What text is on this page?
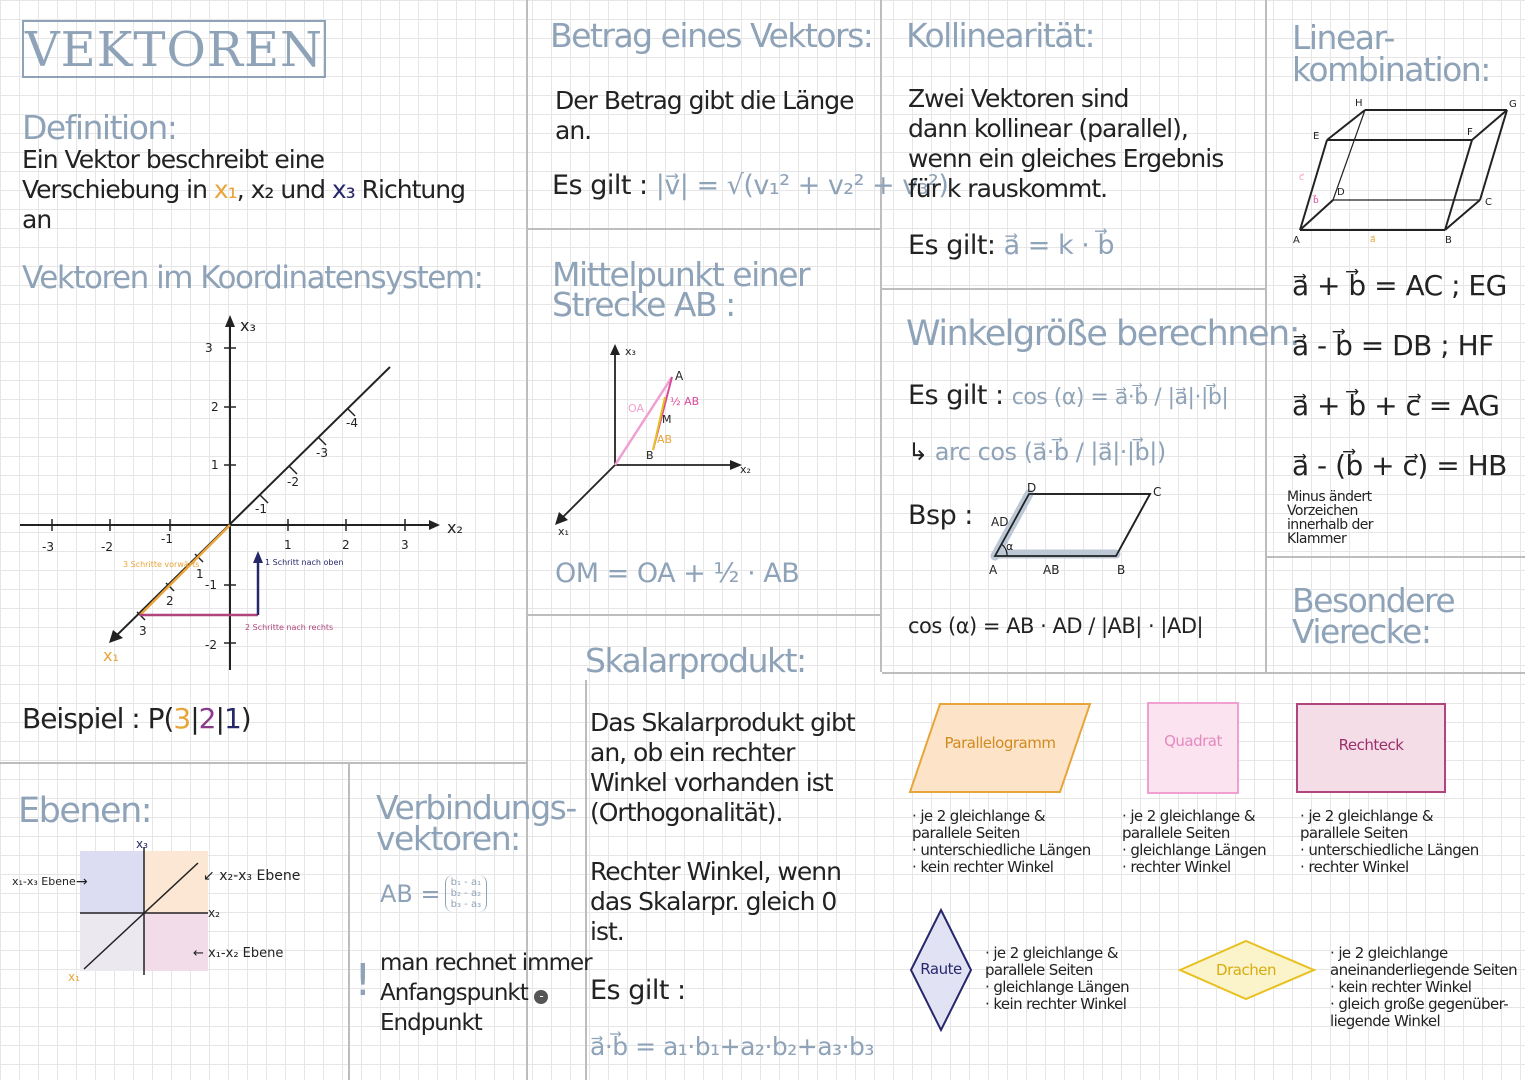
VEKTOREN
Definition:
Ein Vektor beschreibt eine
Verschiebung in x₁, x₂ und x₃ Richtung
an
Vektoren im Koordinatensystem:
x₃
x₂
x₁
-3	-2
-1	1	2	3
3
2
1
-1
-2
1
2
3
-1
-2
-3
-4
3 Schritte vorwärts	1 Schritt nach oben
2 Schritte nach rechts
Beispiel : P(3|2|1)
Ebenen:
x₃
x₂
x₁
x₁-x₃ Ebene →	↙ x₂-x₃ Ebene
← x₁-x₂ Ebene
Betrag eines Vektors:
Der Betrag gibt die Länge
an.
Es gilt : |v⃗| = √(v₁² + v₂² + v₃²)
Mittelpunkt einer
Strecke AB :
x₃
x₂
x₁
A
M
B
OA
½ AB
AB
OM = OA + ½ · AB
Skalarprodukt:
Das Skalarprodukt gibt
an, ob ein rechter
Winkel vorhanden ist
(Orthogonalität).
Rechter Winkel, wenn
das Skalarpr. gleich 0
ist.
Es gilt :
a⃗·b⃗ = a₁·b₁+a₂·b₂+a₃·b₃
Verbindungs-
vektoren:
AB = b₁ - a₁
b₂ - a₂
b₃ - a₃
! man rechnet immer
Anfangspunkt -
Endpunkt
Kollinearität:
Zwei Vektoren sind
dann kollinear (parallel),
wenn ein gleiches Ergebnis
für k rauskommt.
Es gilt: a⃗ = k · b⃗
Winkelgröße berechnen:
Es gilt : cos (α) = a⃗·b⃗ / |a⃗|·|b⃗|
↳ arc cos (a⃗·b⃗ / |a⃗|·|b⃗|)
Bsp :
α
A	B
C
D
AB
AD
cos (α) = AB · AD / |AB| · |AD|
Linear-
kombination:
A	B
C
D
E	F
G
H
a⃗
b⃗
c⃗
a⃗ + b⃗ = AC ; EG
a⃗ - b⃗ = DB ; HF
a⃗ + b⃗ + c⃗ = AG
a⃗ - (b⃗ + c⃗) = HB
Minus ändert Vorzeichen innerhalb der Klammer
Besondere
Vierecke:
Parallelogramm
· je 2 gleichlange &
parallele Seiten
· unterschiedliche Längen
· kein rechter Winkel
Quadrat
· je 2 gleichlange &
parallele Seiten
· gleichlange Längen
· rechter Winkel
Rechteck
· je 2 gleichlange &
parallele Seiten
· unterschiedliche Längen
· rechter Winkel
Raute
· je 2 gleichlange &
parallele Seiten
· gleichlange Längen
· kein rechter Winkel
Drachen
· je 2 gleichlange
aneinanderliegende Seiten
· kein rechter Winkel
· gleich große gegenüber-
liegende Winkel
